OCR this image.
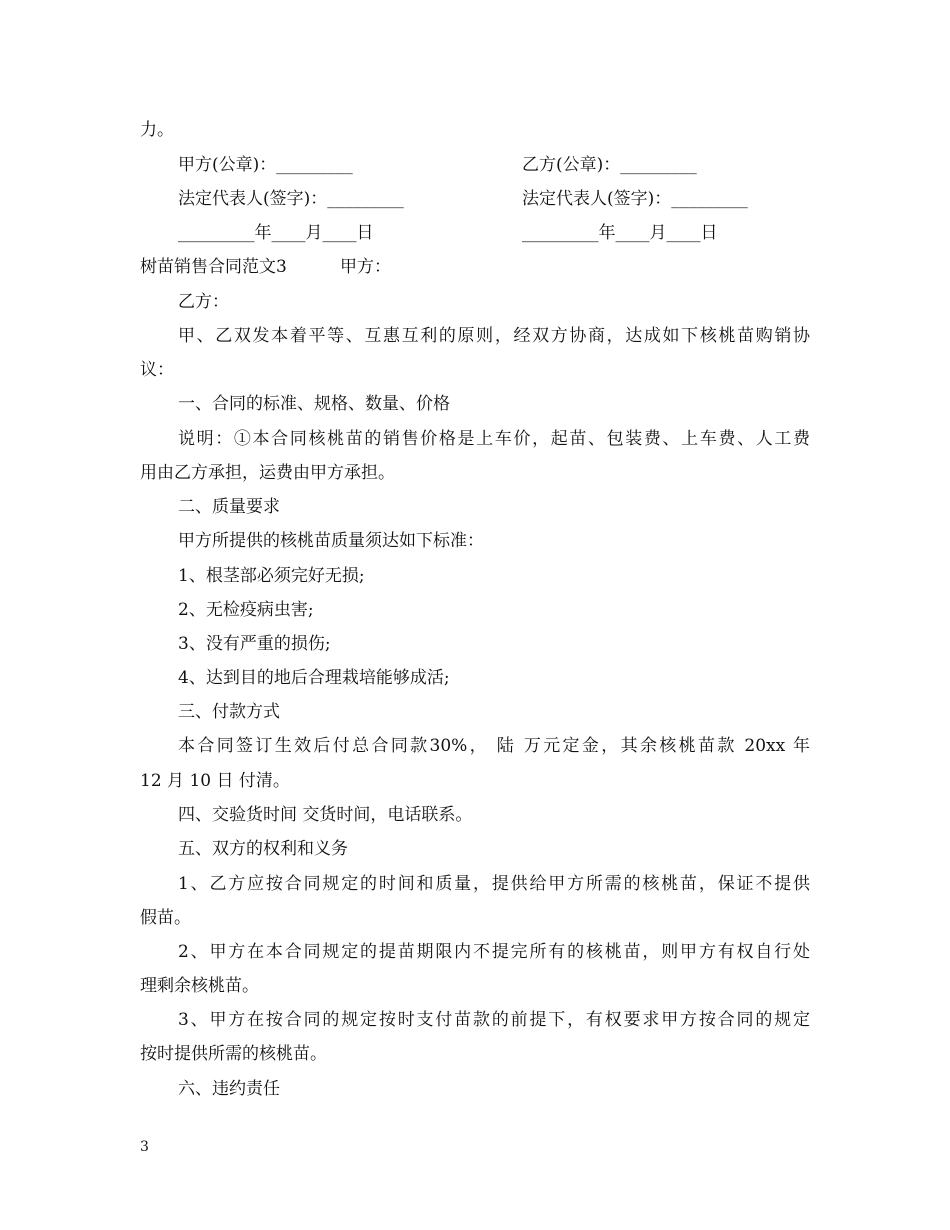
力。
甲方(公章)：_________	乙方(公章)：_________
法定代表人(签字)：_________	法定代表人(签字)：_________
_________年____月____日	_________年____月____日
树苗销售合同范文3	甲方：
乙方：
甲、乙双发本着平等、互惠互利的原则，经双方协商，达成如下核桃苗购销协
议：
一、合同的标准、规格、数量、价格
说明：①本合同核桃苗的销售价格是上车价，起苗、包装费、上车费、人工费
用由乙方承担，运费由甲方承担。
二、质量要求
甲方所提供的核桃苗质量须达如下标准：
1、根茎部必须完好无损;
2、无检疫病虫害;
3、没有严重的损伤;
4、达到目的地后合理栽培能够成活;
三、付款方式
本合同签订生效后付总合同款30%， 陆 万元定金，其余核桃苗款 20xx 年
12 月 10 日 付清。
四、交验货时间 交货时间，电话联系。
五、双方的权利和义务
1、乙方应按合同规定的时间和质量，提供给甲方所需的核桃苗，保证不提供
假苗。
2、甲方在本合同规定的提苗期限内不提完所有的核桃苗，则甲方有权自行处
理剩余核桃苗。
3、甲方在按合同的规定按时支付苗款的前提下，有权要求甲方按合同的规定
按时提供所需的核桃苗。
六、违约责任
3
